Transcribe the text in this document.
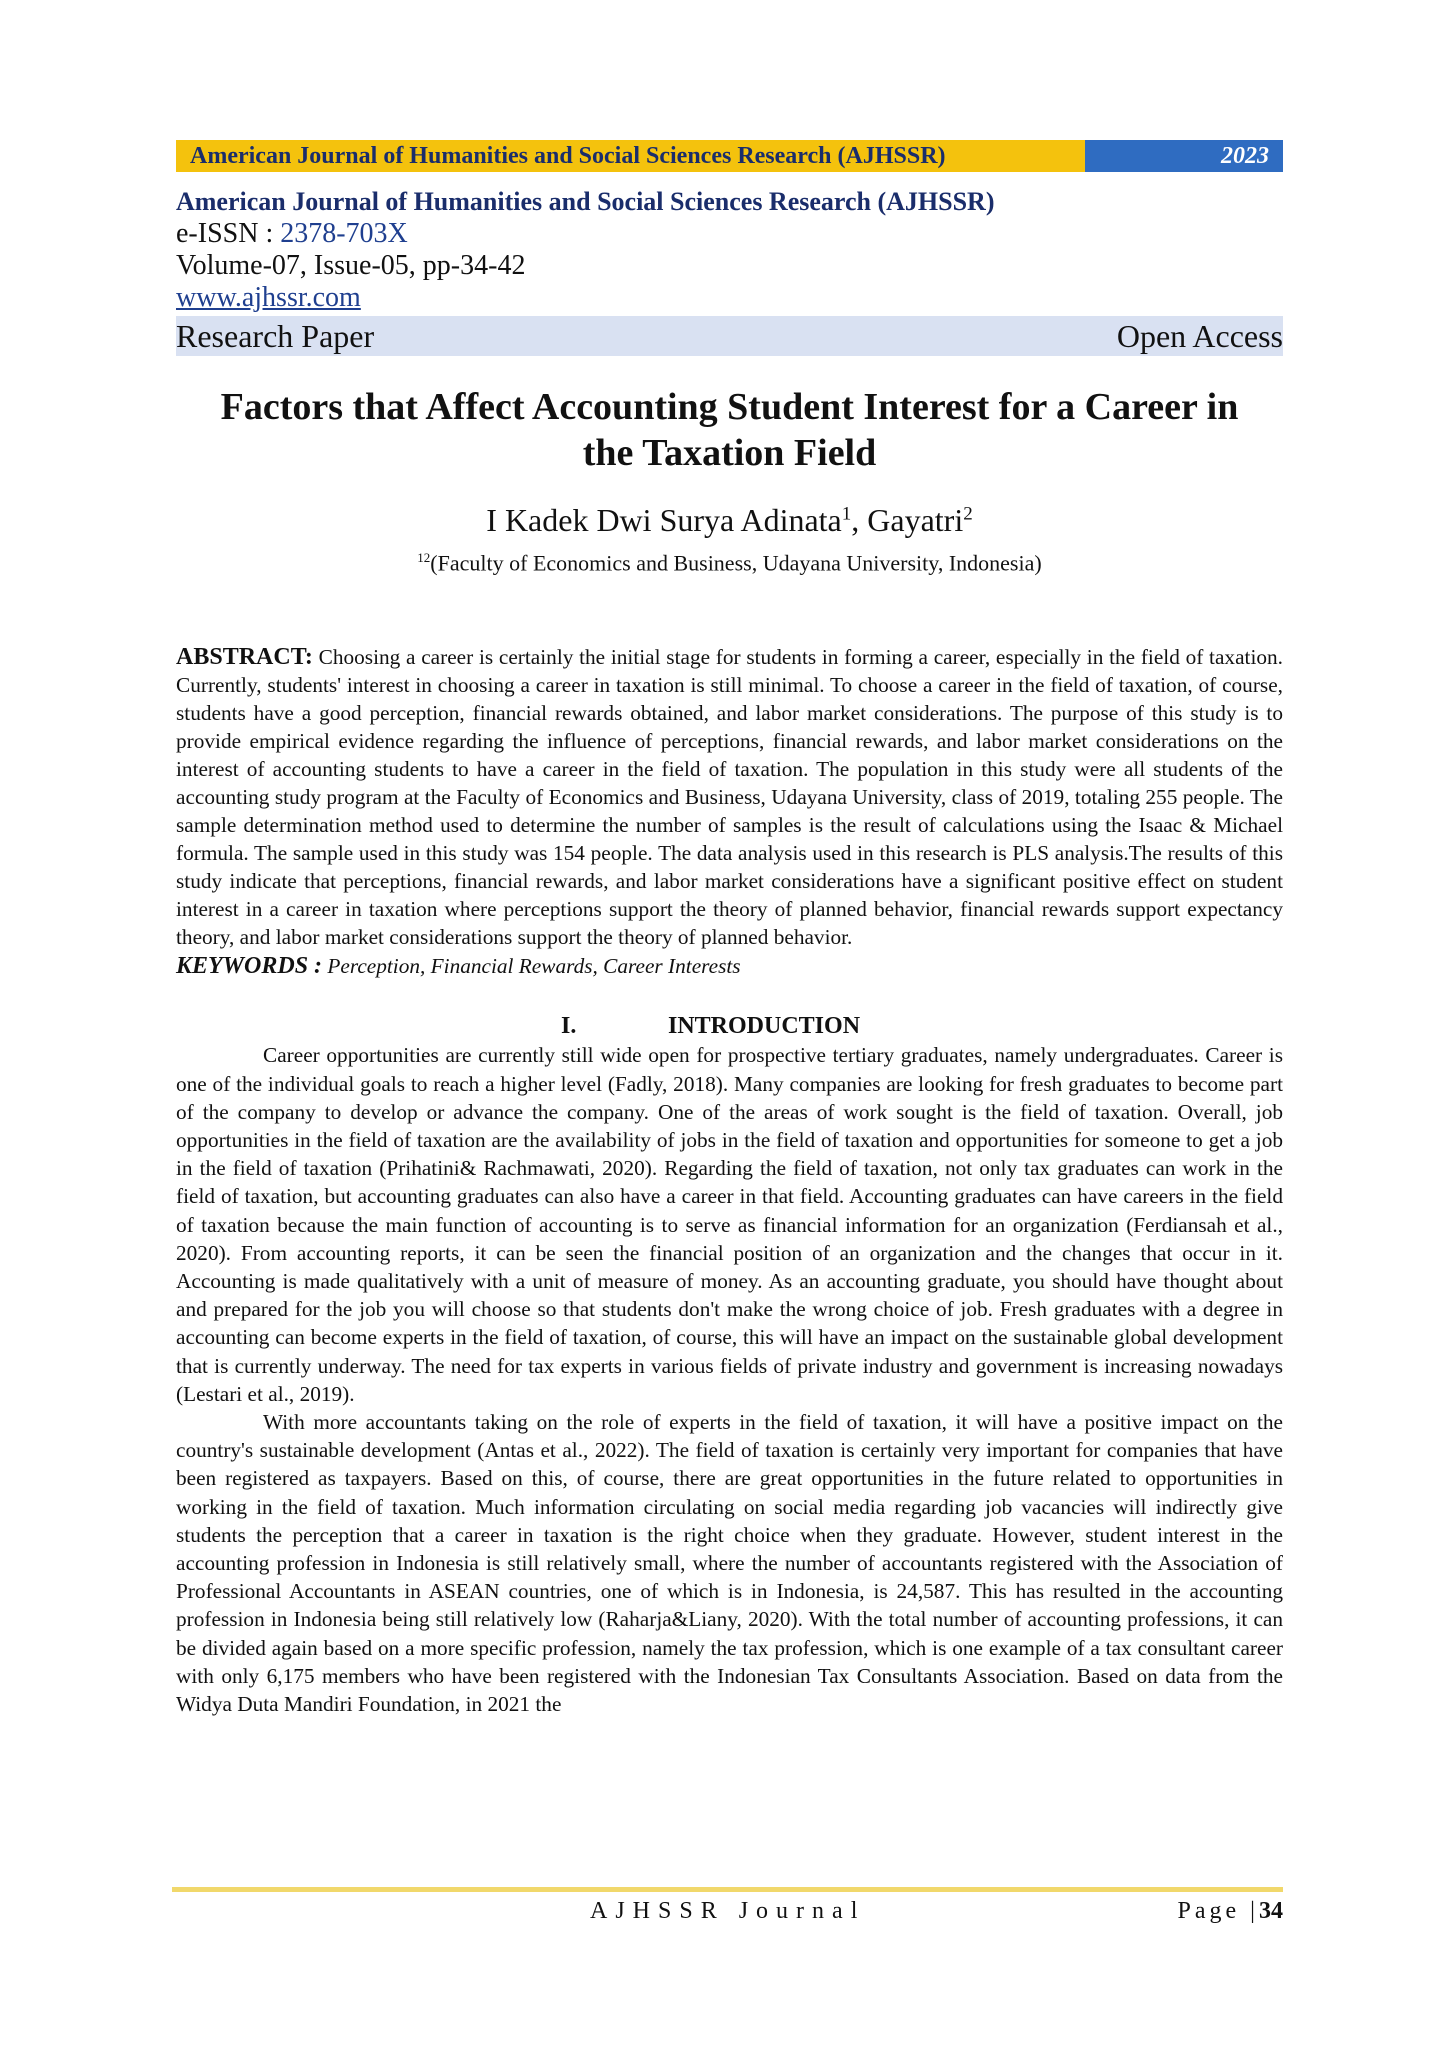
American Journal of Humanities and Social Sciences Research (AJHSSR)	2023
American Journal of Humanities and Social Sciences Research (AJHSSR)
e-ISSN : 2378-703X
Volume-07, Issue-05, pp-34-42
www.ajhssr.com
Research Paper	Open Access
Factors that Affect Accounting Student Interest for a Career in
the Taxation Field
I Kadek Dwi Surya Adinata$^1$, Gayatri$^2$
$^{12}$(Faculty of Economics and Business, Udayana University, Indonesia)
ABSTRACT: Choosing a career is certainly the initial stage for students in forming a career, especially in the field of taxation. Currently, students' interest in choosing a career in taxation is still minimal. To choose a career in the field of taxation, of course, students have a good perception, financial rewards obtained, and labor market considerations. The purpose of this study is to provide empirical evidence regarding the influence of perceptions, financial rewards, and labor market considerations on the interest of accounting students to have a career in the field of taxation. The population in this study were all students of the accounting study program at the Faculty of Economics and Business, Udayana University, class of 2019, totaling 255 people. The sample determination method used to determine the number of samples is the result of calculations using the Isaac & Michael formula. The sample used in this study was 154 people. The data analysis used in this research is PLS analysis.The results of this study indicate that perceptions, financial rewards, and labor market considerations have a significant positive effect on student interest in a career in taxation where perceptions support the theory of planned behavior, financial rewards support expectancy theory, and labor market considerations support the theory of planned behavior.
KEYWORDS : Perception, Financial Rewards, Career Interests
I.	INTRODUCTION

Career opportunities are currently still wide open for prospective tertiary graduates, namely undergraduates. Career is one of the individual goals to reach a higher level (Fadly, 2018). Many companies are looking for fresh graduates to become part of the company to develop or advance the company. One of the areas of work sought is the field of taxation. Overall, job opportunities in the field of taxation are the availability of jobs in the field of taxation and opportunities for someone to get a job in the field of taxation (Prihatini& Rachmawati, 2020). Regarding the field of taxation, not only tax graduates can work in the field of taxation, but accounting graduates can also have a career in that field. Accounting graduates can have careers in the field of taxation because the main function of accounting is to serve as financial information for an organization (Ferdiansah et al., 2020). From accounting reports, it can be seen the financial position of an organization and the changes that occur in it. Accounting is made qualitatively with a unit of measure of money. As an accounting graduate, you should have thought about and prepared for the job you will choose so that students don't make the wrong choice of job. Fresh graduates with a degree in accounting can become experts in the field of taxation, of course, this will have an impact on the sustainable global development that is currently underway. The need for tax experts in various fields of private industry and government is increasing nowadays (Lestari et al., 2019).

With more accountants taking on the role of experts in the field of taxation, it will have a positive impact on the country's sustainable development (Antas et al., 2022). The field of taxation is certainly very important for companies that have been registered as taxpayers. Based on this, of course, there are great opportunities in the future related to opportunities in working in the field of taxation. Much information circulating on social media regarding job vacancies will indirectly give students the perception that a career in taxation is the right choice when they graduate. However, student interest in the accounting profession in Indonesia is still relatively small, where the number of accountants registered with the Association of Professional Accountants in ASEAN countries, one of which is in Indonesia, is 24,587. This has resulted in the accounting profession in Indonesia being still relatively low (Raharja&Liany, 2020). With the total number of accounting professions, it can be divided again based on a more specific profession, namely the tax profession, which is one example of a tax consultant career with only 6,175 members who have been registered with the Indonesian Tax Consultants Association. Based on data from the Widya Duta Mandiri Foundation, in 2021 the

AJHSSR Journal	Page |34
